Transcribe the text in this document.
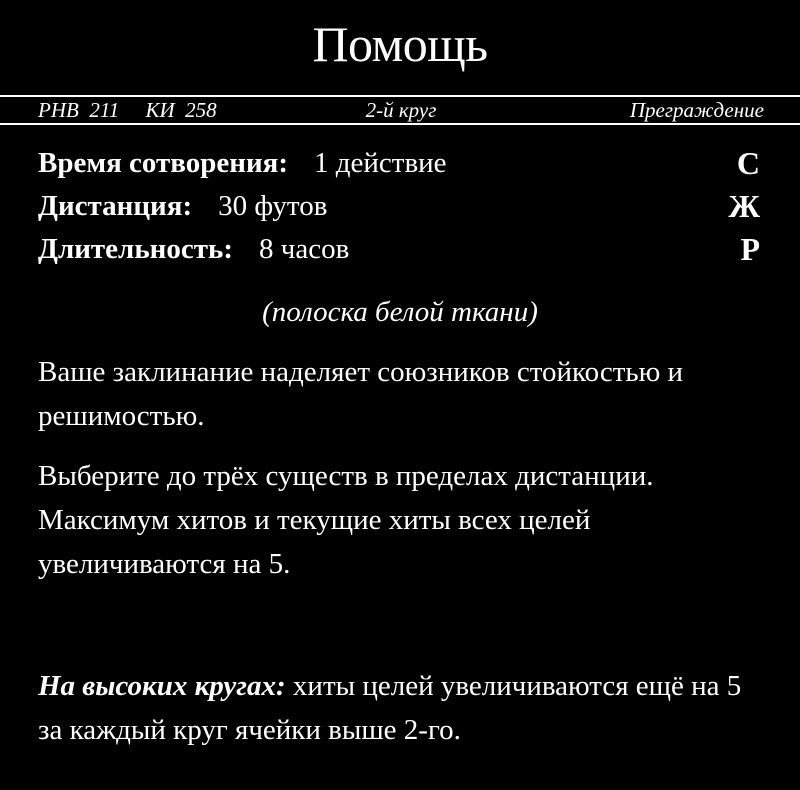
Помощь
РНВ  211 КИ  258	2-й круг	Преграждение
Время сотворения: 1 действие	С
Дистанция: 30 футов	Ж
Длительность: 8 часов	Р
(полоска белой ткани)
Ваше заклинание наделяет союзников стойкостью и решимостью.
Выберите до трёх существ в пределах дистанции. Максимум хитов и текущие хиты всех целей увеличиваются на 5.
На высоких кругах: хиты целей увеличиваются ещё на 5 за каждый круг ячейки выше 2-го.
